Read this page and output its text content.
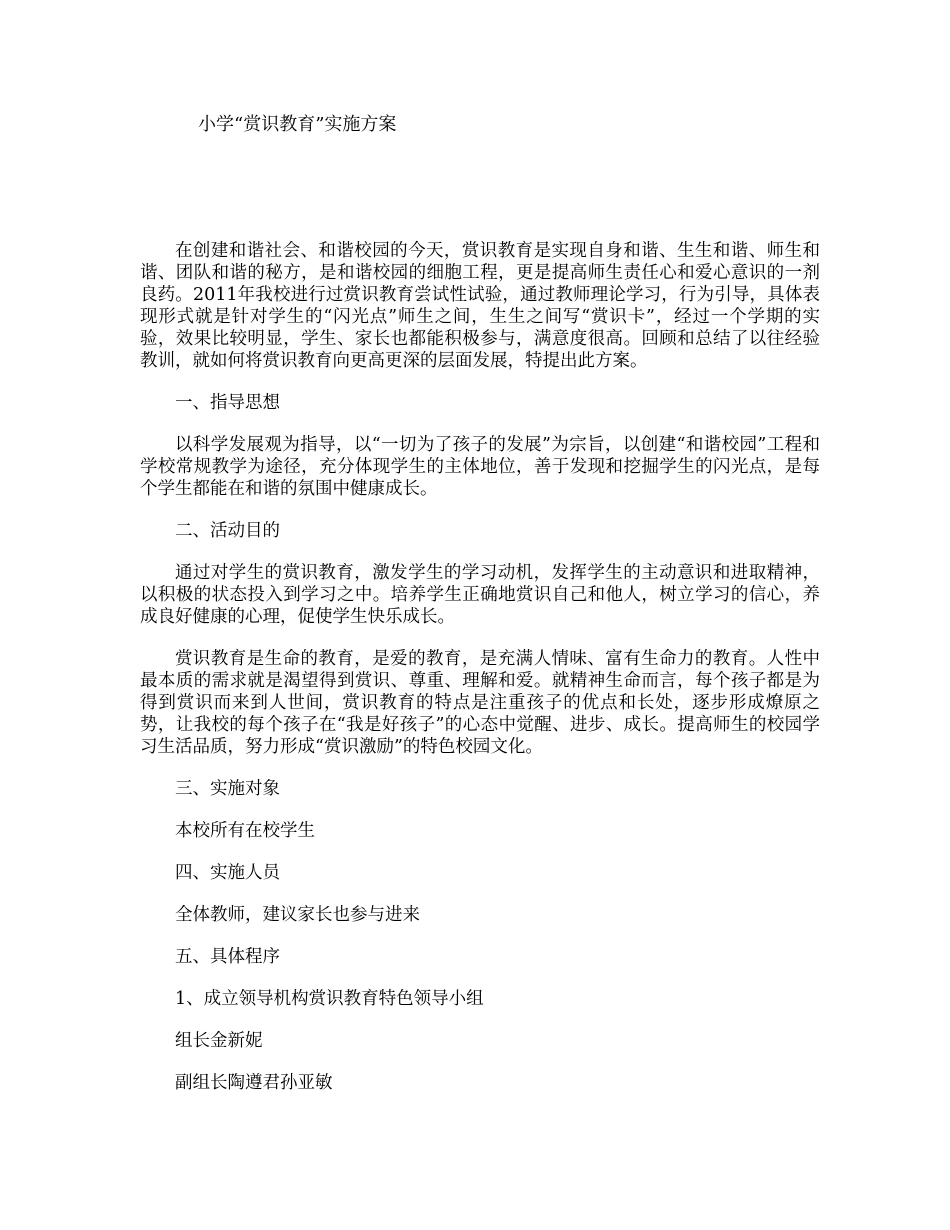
小学“赏识教育”实施方案

在创建和谐社会、和谐校园的今天，赏识教育是实现自身和谐、生生和谐、师生和谐、团队和谐的秘方，是和谐校园的细胞工程，更是提高师生责任心和爱心意识的一剂良药。2011年我校进行过赏识教育尝试性试验，通过教师理论学习，行为引导，具体表现形式就是针对学生的“闪光点”师生之间，生生之间写“赏识卡”，经过一个学期的实验，效果比较明显，学生、家长也都能积极参与，满意度很高。回顾和总结了以往经验教训，就如何将赏识教育向更高更深的层面发展，特提出此方案。

一、指导思想

以科学发展观为指导，以“一切为了孩子的发展”为宗旨，以创建“和谐校园”工程和学校常规教学为途径，充分体现学生的主体地位，善于发现和挖掘学生的闪光点，是每个学生都能在和谐的氛围中健康成长。

二、活动目的

通过对学生的赏识教育，激发学生的学习动机，发挥学生的主动意识和进取精神，以积极的状态投入到学习之中。培养学生正确地赏识自己和他人，树立学习的信心，养成良好健康的心理，促使学生快乐成长。

赏识教育是生命的教育，是爱的教育，是充满人情味、富有生命力的教育。人性中最本质的需求就是渴望得到赏识、尊重、理解和爱。就精神生命而言，每个孩子都是为得到赏识而来到人世间，赏识教育的特点是注重孩子的优点和长处，逐步形成燎原之势，让我校的每个孩子在“我是好孩子”的心态中觉醒、进步、成长。提高师生的校园学习生活品质，努力形成“赏识激励”的特色校园文化。

三、实施对象

本校所有在校学生

四、实施人员

全体教师，建议家长也参与进来

五、具体程序

1、成立领导机构赏识教育特色领导小组

组长金新妮

副组长陶遵君孙亚敏
